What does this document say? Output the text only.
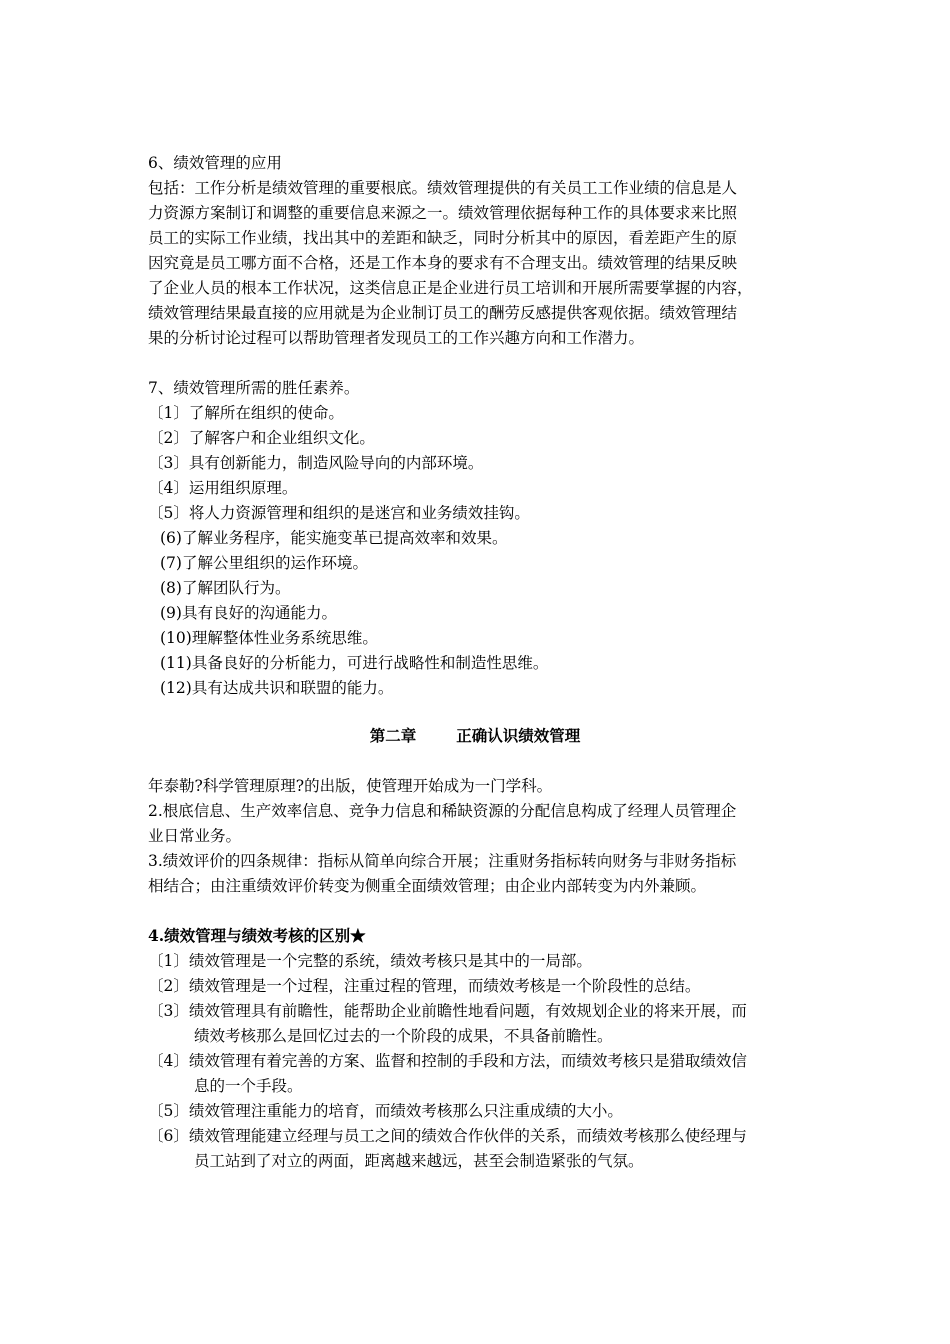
6、绩效管理的应用
包括：工作分析是绩效管理的重要根底。绩效管理提供的有关员工工作业绩的信息是人
力资源方案制订和调整的重要信息来源之一。绩效管理依据每种工作的具体要求来比照
员工的实际工作业绩，找出其中的差距和缺乏，同时分析其中的原因，看差距产生的原
因究竟是员工哪方面不合格，还是工作本身的要求有不合理支出。绩效管理的结果反映
了企业人员的根本工作状况，这类信息正是企业进行员工培训和开展所需要掌握的内容，
绩效管理结果最直接的应用就是为企业制订员工的酬劳反感提供客观依据。绩效管理结
果的分析讨论过程可以帮助管理者发现员工的工作兴趣方向和工作潜力。
7、绩效管理所需的胜任素养。
〔1〕了解所在组织的使命。
〔2〕了解客户和企业组织文化。
〔3〕具有创新能力，制造风险导向的内部环境。
〔4〕运用组织原理。
〔5〕将人力资源管理和组织的是迷宫和业务绩效挂钩。
(6)了解业务程序，能实施变革已提高效率和效果。
(7)了解公里组织的运作环境。
(8)了解团队行为。
(9)具有良好的沟通能力。
(10)理解整体性业务系统思维。
(11)具备良好的分析能力，可进行战略性和制造性思维。
(12)具有达成共识和联盟的能力。
第二章	正确认识绩效管理
年泰勒?科学管理原理?的出版，使管理开始成为一门学科。
2.根底信息、生产效率信息、竞争力信息和稀缺资源的分配信息构成了经理人员管理企
业日常业务。
3.绩效评价的四条规律：指标从简单向综合开展；注重财务指标转向财务与非财务指标
相结合；由注重绩效评价转变为侧重全面绩效管理；由企业内部转变为内外兼顾。
4.绩效管理与绩效考核的区别★
〔1〕绩效管理是一个完整的系统，绩效考核只是其中的一局部。
〔2〕绩效管理是一个过程，注重过程的管理，而绩效考核是一个阶段性的总结。
〔3〕绩效管理具有前瞻性，能帮助企业前瞻性地看问题，有效规划企业的将来开展，而
绩效考核那么是回忆过去的一个阶段的成果，不具备前瞻性。
〔4〕绩效管理有着完善的方案、监督和控制的手段和方法，而绩效考核只是猎取绩效信
息的一个手段。
〔5〕绩效管理注重能力的培育，而绩效考核那么只注重成绩的大小。
〔6〕绩效管理能建立经理与员工之间的绩效合作伙伴的关系，而绩效考核那么使经理与
员工站到了对立的两面，距离越来越远，甚至会制造紧张的气氛。
